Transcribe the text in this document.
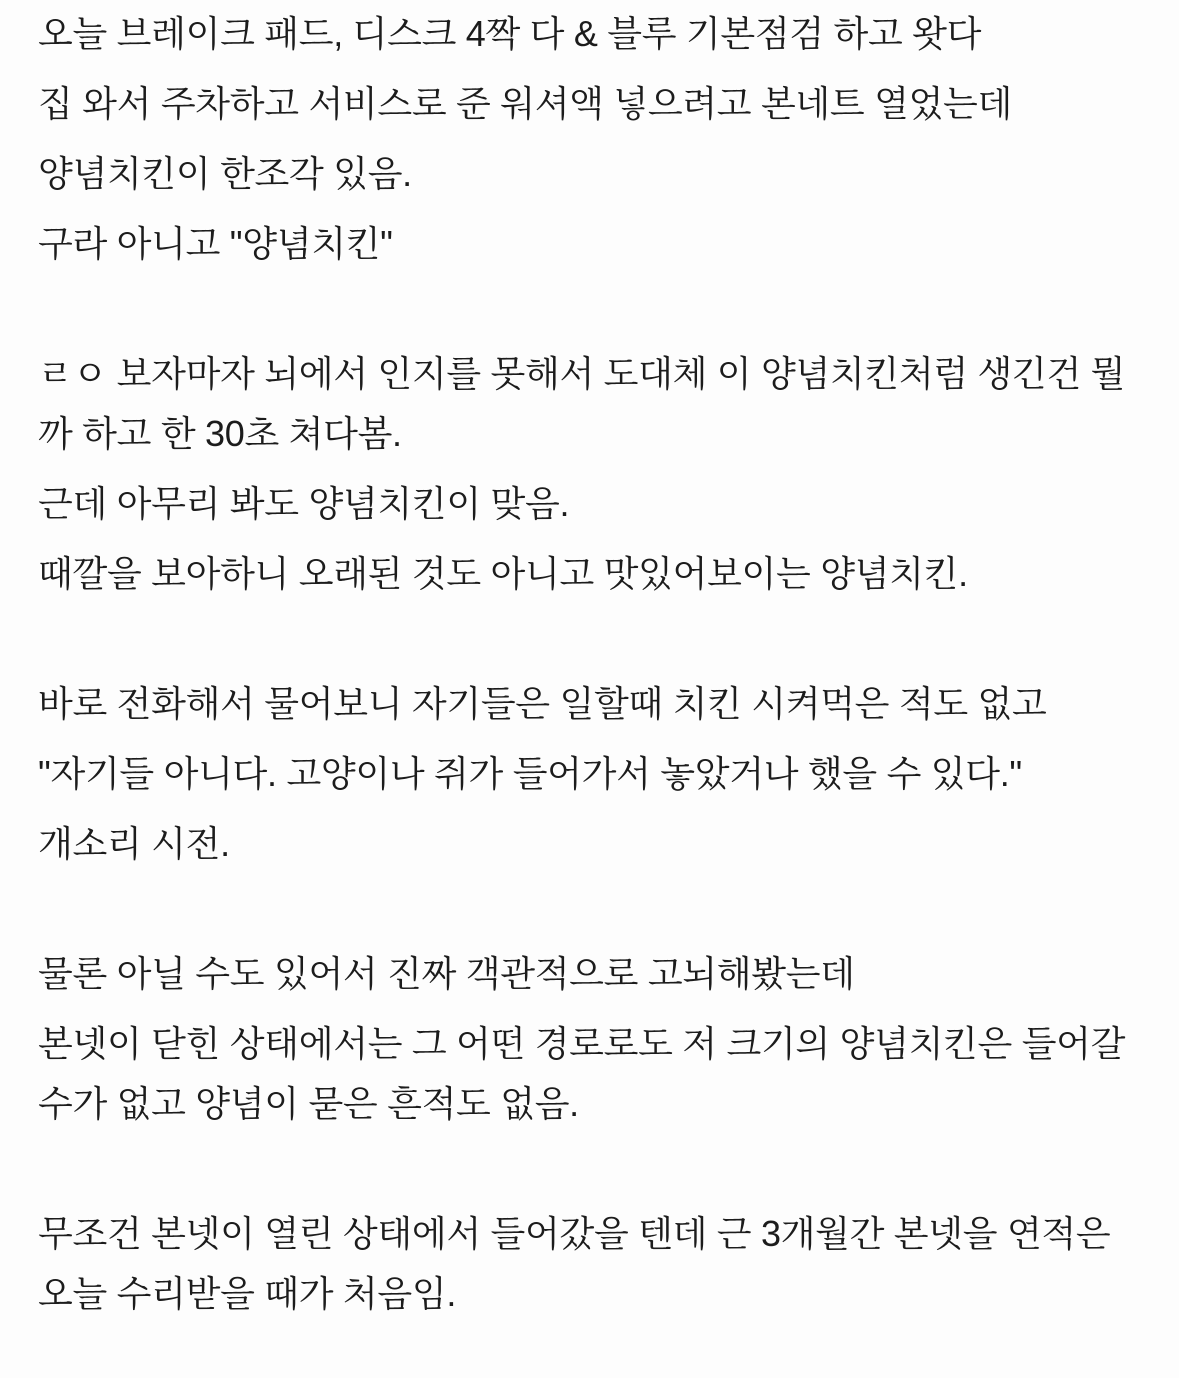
오늘 브레이크 패드, 디스크 4짝 다 & 블루 기본점검 하고 왓다

집 와서 주차하고 서비스로 준 워셔액 넣으려고 본네트 열었는데

양념치킨이 한조각 있음.

구라 아니고 "양념치킨"

ㄹㅇ 보자마자 뇌에서 인지를 못해서 도대체 이 양념치킨처럼 생긴건 뭘
까 하고 한 30초 쳐다봄.

근데 아무리 봐도 양념치킨이 맞음.

때깔을 보아하니 오래된 것도 아니고 맛있어보이는 양념치킨.

바로 전화해서 물어보니 자기들은 일할때 치킨 시켜먹은 적도 없고

"자기들 아니다. 고양이나 쥐가 들어가서 놓았거나 했을 수 있다."

개소리 시전.

물론 아닐 수도 있어서 진짜 객관적으로 고뇌해봤는데

본넷이 닫힌 상태에서는 그 어떤 경로로도 저 크기의 양념치킨은 들어갈
수가 없고 양념이 묻은 흔적도 없음.

무조건 본넷이 열린 상태에서 들어갔을 텐데 근 3개월간 본넷을 연적은
오늘 수리받을 때가 처음임.
